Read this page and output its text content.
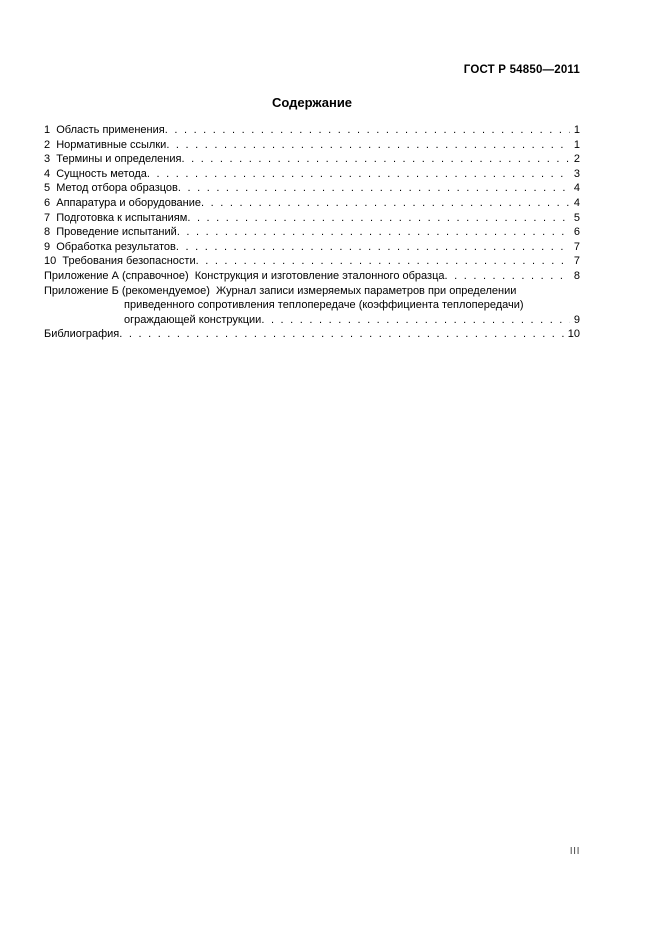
ГОСТ Р 54850—2011
Содержание
1  Область применения . . .	1
2  Нормативные ссылки . . .	1
3  Термины и определения . . .	2
4  Сущность метода . . .	3
5  Метод отбора образцов . . .	4
6  Аппаратура и оборудование . . .	4
7  Подготовка к испытаниям . . .	5
8  Проведение испытаний . . .	6
9  Обработка результатов . . .	7
10  Требования безопасности . . .	7
Приложение А (справочное)  Конструкция и изготовление эталонного образца . . .	8
Приложение Б (рекомендуемое)  Журнал записи измеряемых параметров при определении
приведенного сопротивления теплопередаче (коэффициента теплопередачи)
ограждающей конструкции . . .	9
Библиография . . .	10
III
